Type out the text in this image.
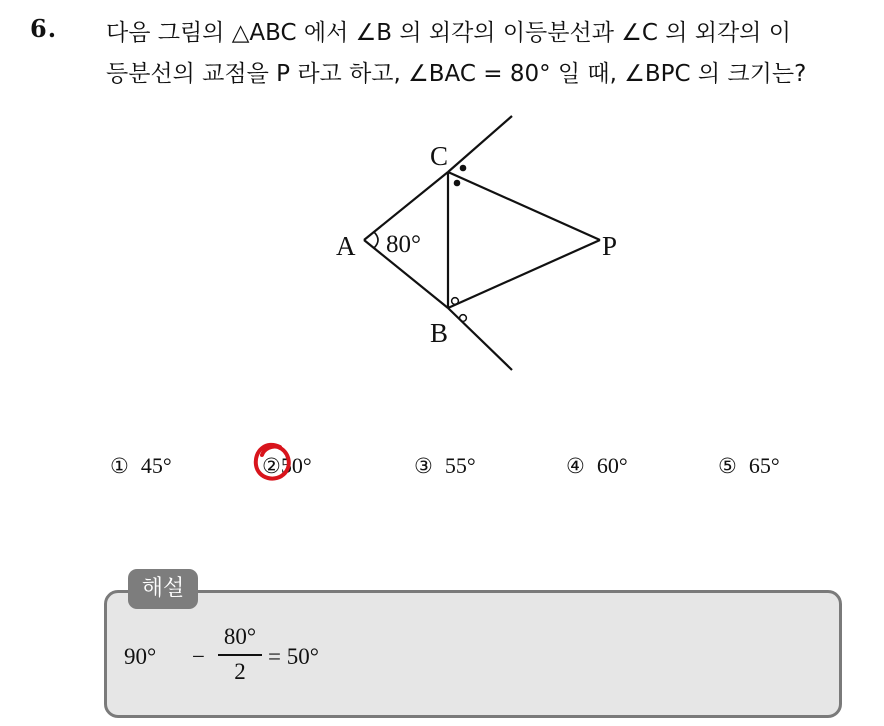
6. 다음 그림의 △ABC 에서 ∠B 의 외각의 이등분선과 ∠C 의 외각의 이
등분선의 교점을 P 라고 하고, ∠BAC = 80° 일 때, ∠BPC 의 크기는?
A
B
C
P
80°
① 45°	②50°	③ 55°	④ 60°	⑤ 65°
해설
90° −
80°
2
= 50°
